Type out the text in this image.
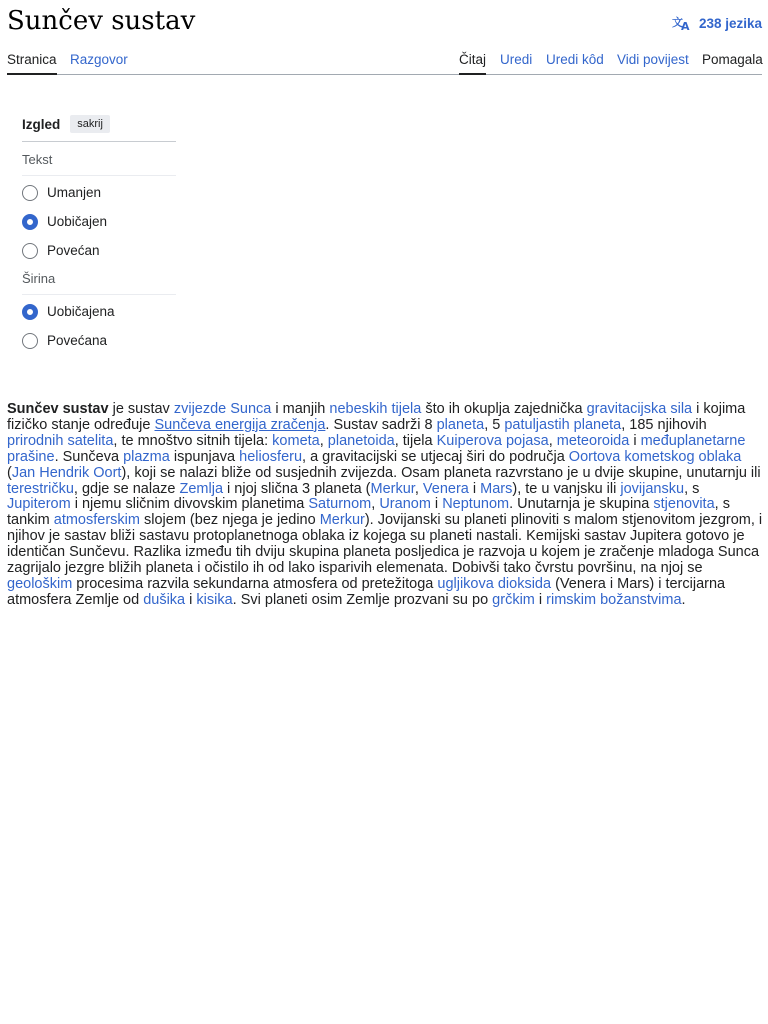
Sunčev sustav	文
A 238 jezika
Stranica Razgovor	Čitaj Uredi Uredi kôd Vidi povijest Pomagala
Izgled	sakrij
Tekst
Umanjen
Uobičajen
Povećan
Širina
Uobičajena
Povećana

Sunčev sustav je sustav zvijezde Sunca i manjih nebeskih tijela što ih okuplja zajednička gravitacijska sila i kojima fizičko stanje određuje Sunčeva energija zračenja. Sustav sadrži 8 planeta, 5 patuljastih planeta, 185 njihovih prirodnih satelita, te mnoštvo sitnih tijela: kometa, planetoida, tijela Kuiperova pojasa, meteoroida i međuplanetarne prašine. Sunčeva plazma ispunjava heliosferu, a gravitacijski se utjecaj širi do područja Oortova kometskog oblaka (Jan Hendrik Oort), koji se nalazi bliže od susjednih zvijezda. Osam planeta razvrstano je u dvije skupine, unutarnju ili terestričku, gdje se nalaze Zemlja i njoj slična 3 planeta (Merkur, Venera i Mars), te u vanjsku ili jovijansku, s Jupiterom i njemu sličnim divovskim planetima Saturnom, Uranom i Neptunom. Unutarnja je skupina stjenovita, s tankim atmosferskim slojem (bez njega je jedino Merkur). Jovijanski su planeti plinoviti s malom stjenovitom jezgrom, i njihov je sastav bliži sastavu protoplanetnoga oblaka iz kojega su planeti nastali. Kemijski sastav Jupitera gotovo je identičan Sunčevu. Razlika između tih dviju skupina planeta posljedica je razvoja u kojem je zračenje mladoga Sunca zagrijalo jezgre bližih planeta i očistilo ih od lako isparivih elemenata. Dobivši tako čvrstu površinu, na njoj se geološkim procesima razvila sekundarna atmosfera od pretežitoga ugljikova dioksida (Venera i Mars) i tercijarna atmosfera Zemlje od dušika i kisika. Svi planeti osim Zemlje prozvani su po grčkim i rimskim božanstvima.
